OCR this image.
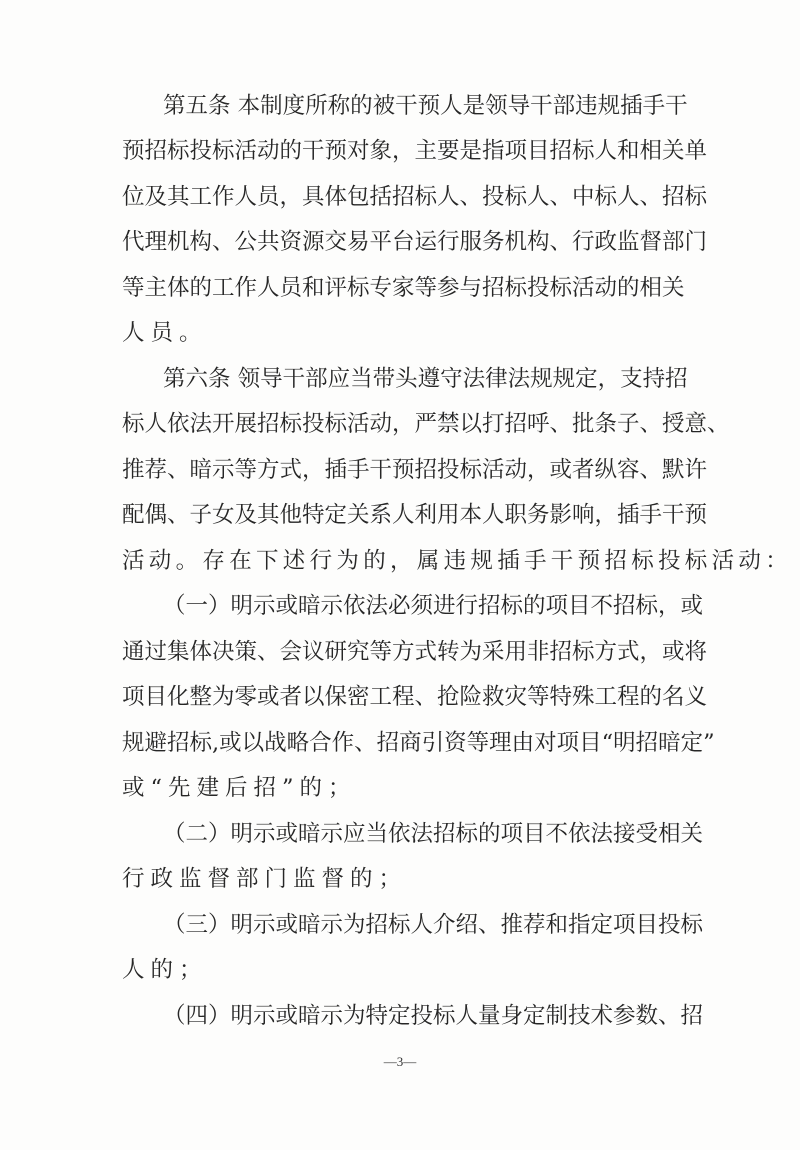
第五条 本制度所称的被干预人是领导干部违规插手干
预招标投标活动的干预对象，主要是指项目招标人和相关单
位及其工作人员，具体包括招标人、投标人、中标人、招标
代理机构、公共资源交易平台运行服务机构、行政监督部门
等主体的工作人员和评标专家等参与招标投标活动的相关
人员。
第六条 领导干部应当带头遵守法律法规规定，支持招
标人依法开展招标投标活动，严禁以打招呼、批条子、授意、
推荐、暗示等方式，插手干预招投标活动，或者纵容、默许
配偶、子女及其他特定关系人利用本人职务影响，插手干预
活动。存在下述行为的，属违规插手干预招标投标活动：
（一）明示或暗示依法必须进行招标的项目不招标，或
通过集体决策、会议研究等方式转为采用非招标方式，或将
项目化整为零或者以保密工程、抢险救灾等特殊工程的名义
规避招标,或以战略合作、招商引资等理由对项目“明招暗定”
或“先建后招”的；
（二）明示或暗示应当依法招标的项目不依法接受相关
行政监督部门监督的；
（三）明示或暗示为招标人介绍、推荐和指定项目投标
人的；
（四）明示或暗示为特定投标人量身定制技术参数、招
—3—
